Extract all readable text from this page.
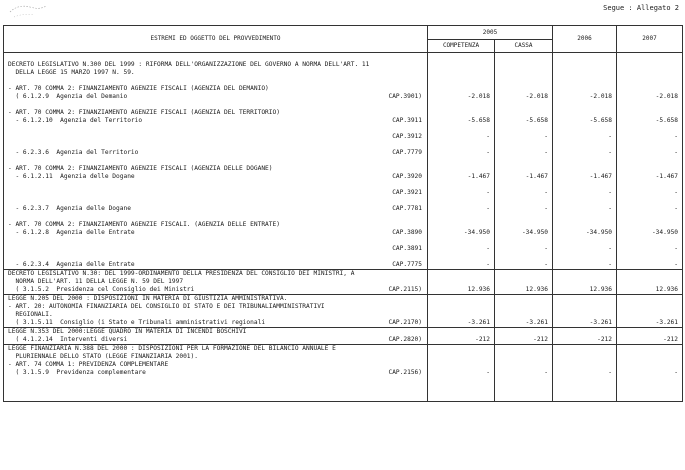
Segue : Allegato 2
ESTREMI ED OGGETTO DEL PROVVEDIMENTO	2005		2006	2007
	COMPETENZA	CASSA		

DECRETO LEGISLATIVO N.300 DEL 1999 : RIFORMA DELL'ORGANIZZAZIONE DEL GOVERNO A NORMA DELL'ART. 11				

DELLA LEGGE 15 MARZO 1997 N. 59.				

- ART. 70 COMMA 2: FINANZIAMENTO AGENZIE FISCALI (AGENZIA DEL DEMANIO)				

( 6.1.2.9  Agenzia del Demanio CAP.3901)	-2.018	-2.018	-2.018	-2.018

- ART. 70 COMMA 2: FINANZIAMENTO AGENZIE FISCALI (AGENZIA DEL TERRITORIO)				

- 6.1.2.10  Agenzia del Territorio CAP.3911	-5.658	-5.658	-5.658	-5.658

CAP.3912	-	-	-	-

- 6.2.3.6  Agenzia del Territorio CAP.7779	-	-	-	-

- ART. 70 COMMA 2: FINANZIAMENTO AGENZIE FISCALI (AGENZIA DELLE DOGANE)				

- 6.1.2.11  Agenzia delle Dogane CAP.3920	-1.467	-1.467	-1.467	-1.467

CAP.3921	-	-	-	-

- 6.2.3.7  Agenzia delle Dogane CAP.7781	-	-	-	-

- ART. 70 COMMA 2: FINANZIAMENTO AGENZIE FISCALI. (AGENZIA DELLE ENTRATE)				

- 6.1.2.8  Agenzia delle Entrate CAP.3890	-34.950	-34.950	-34.950	-34.950

CAP.3891	-	-	-	-

- 6.2.3.4  Agenzia delle Entrate CAP.7775	-	-	-	-

DECRETO LEGISLATIVO N.30: DEL 1999-ORDINAMENTO DELLA PRESIDENZA DEL CONSIGLIO DEI MINISTRI, A				

NORMA DELL'ART. 11 DELLA LEGGE N. 59 DEL 1997				

( 3.1.5.2  Presidenza cel Consiglio dei Ministri CAP.2115)	12.936	12.936	12.936	12.936

LEGGE N.205 DEL 2000 : DISPOSIZIONI IN MATERIA DI GIUSTIZIA AMMINISTRATIVA.				

- ART. 20: AUTONOMIA FINANZIARIA DEL CONSIGLIO DI STATO E DEI TRIBUNALIAMMINISTRATIVI				

REGIONALI.				

( 3.1.5.11  Consiglio (i Stato e Tribunali amministrativi regionali CAP.2170)	-3.261	-3.261	-3.261	-3.261

LEGGE N.353 DEL 2000:LEGGE QUADRO IN MATERIA DI INCENDI BOSCHIVI				

( 4.1.2.14  Interventi diversi CAP.2820)	-212	-212	-212	-212

LEGGE FINANZIARIA N.388 DEL 2000 : DISPOSIZIONI PER LA FORMAZIONE DEL BILANCIO ANNUALE E				

PLURIENNALE DELLO STATO (LEGGE FINANZIARIA 2001).				

- ART. 74 COMMA 1: PREVIDENZA COMPLEMENTARE				

( 3.1.5.9  Previdenza complementare CAP.2156)	-	-	-	-
